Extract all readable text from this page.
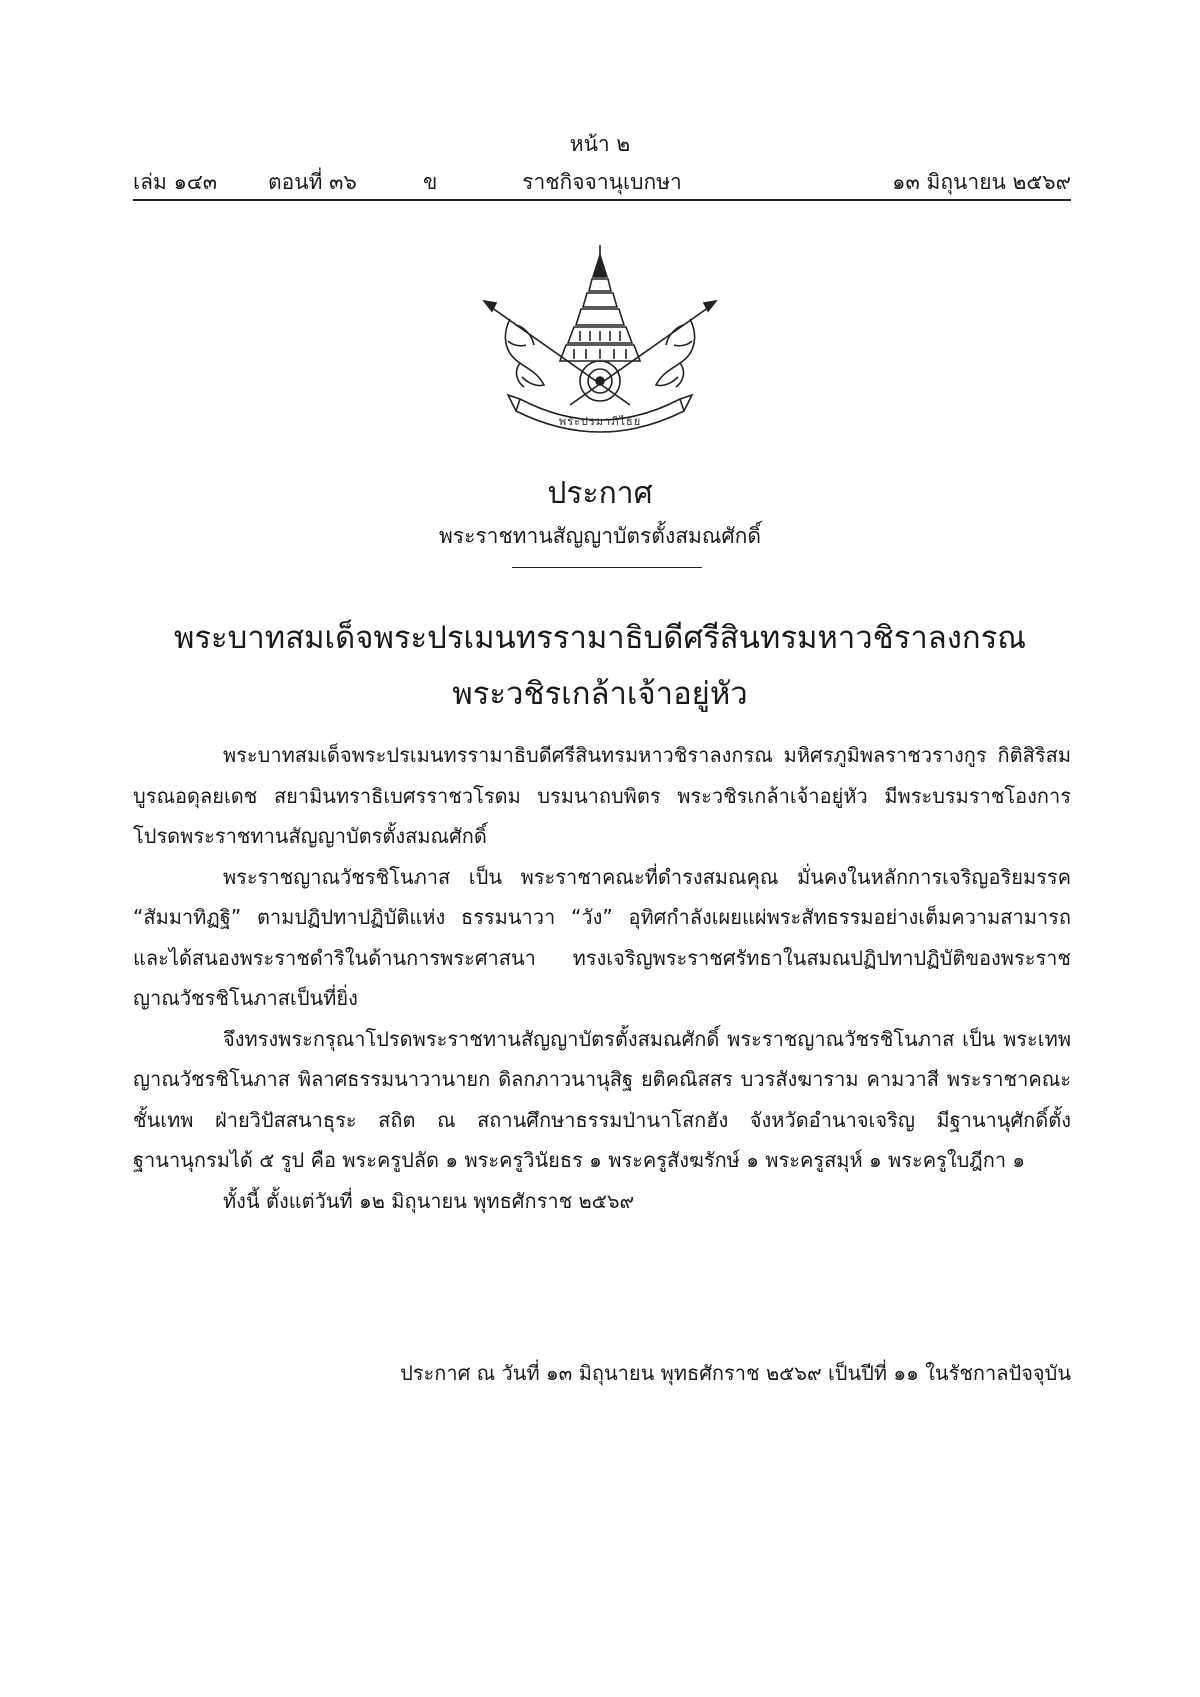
หน้า ๒
เล่ม ๑๔๓ ตอนที่ ๓๖	ข	ราชกิจจานุเบกษา	๑๓ มิถุนายน ๒๕๖๙
พระปรมาภิไธย
ประกาศ
พระราชทานสัญญาบัตรตั้งสมณศักดิ์
พระบาทสมเด็จพระปรเมนทรรามาธิบดีศรีสินทรมหาวชิราลงกรณ
พระวชิรเกล้าเจ้าอยู่หัว

พระบาทสมเด็จพระปรเมนทรรามาธิบดีศรีสินทรมหาวชิราลงกรณ มหิศรภูมิพลราชวรางกูร กิติสิริสมบูรณอดุลยเดช สยามินทราธิเบศรราชวโรดม บรมนาถบพิตร พระวชิรเกล้าเจ้าอยู่หัว มีพระบรมราชโองการโปรดพระราชทานสัญญาบัตรตั้งสมณศักดิ์

พระราชญาณวัชรชิโนภาส เป็น พระราชาคณะที่ดำรงสมณคุณ มั่นคงในหลักการเจริญอริยมรรค “สัมมาทิฏฐิ” ตามปฏิปทาปฏิบัติแห่ง ธรรมนาวา “วัง” อุทิศกำลังเผยแผ่พระสัทธรรมอย่างเต็มความสามารถ และได้สนองพระราชดำริในด้านการพระศาสนา ทรงเจริญพระราชศรัทธาในสมณปฏิปทาปฏิบัติของพระราชญาณวัชรชิโนภาสเป็นที่ยิ่ง

จึงทรงพระกรุณาโปรดพระราชทานสัญญาบัตรตั้งสมณศักดิ์ พระราชญาณวัชรชิโนภาส เป็น พระเทพญาณวัชรชิโนภาส พิลาศธรรมนาวานายก ดิลกภาวนานุสิฐ ยติคณิสสร บวรสังฆาราม คามวาสี พระราชาคณะชั้นเทพ ฝ่ายวิปัสสนาธุระ สถิต ณ สถานศึกษาธรรมป่านาโสกฮัง จังหวัดอำนาจเจริญ มีฐานานุศักดิ์ตั้งฐานานุกรมได้ ๕ รูป คือ พระครูปลัด ๑ พระครูวินัยธร ๑ พระครูสังฆรักษ์ ๑ พระครูสมุห์ ๑ พระครูใบฎีกา ๑

ทั้งนี้ ตั้งแต่วันที่ ๑๒ มิถุนายน พุทธศักราช ๒๕๖๙

ประกาศ ณ วันที่ ๑๓ มิถุนายน พุทธศักราช ๒๕๖๙ เป็นปีที่ ๑๑ ในรัชกาลปัจจุบัน
